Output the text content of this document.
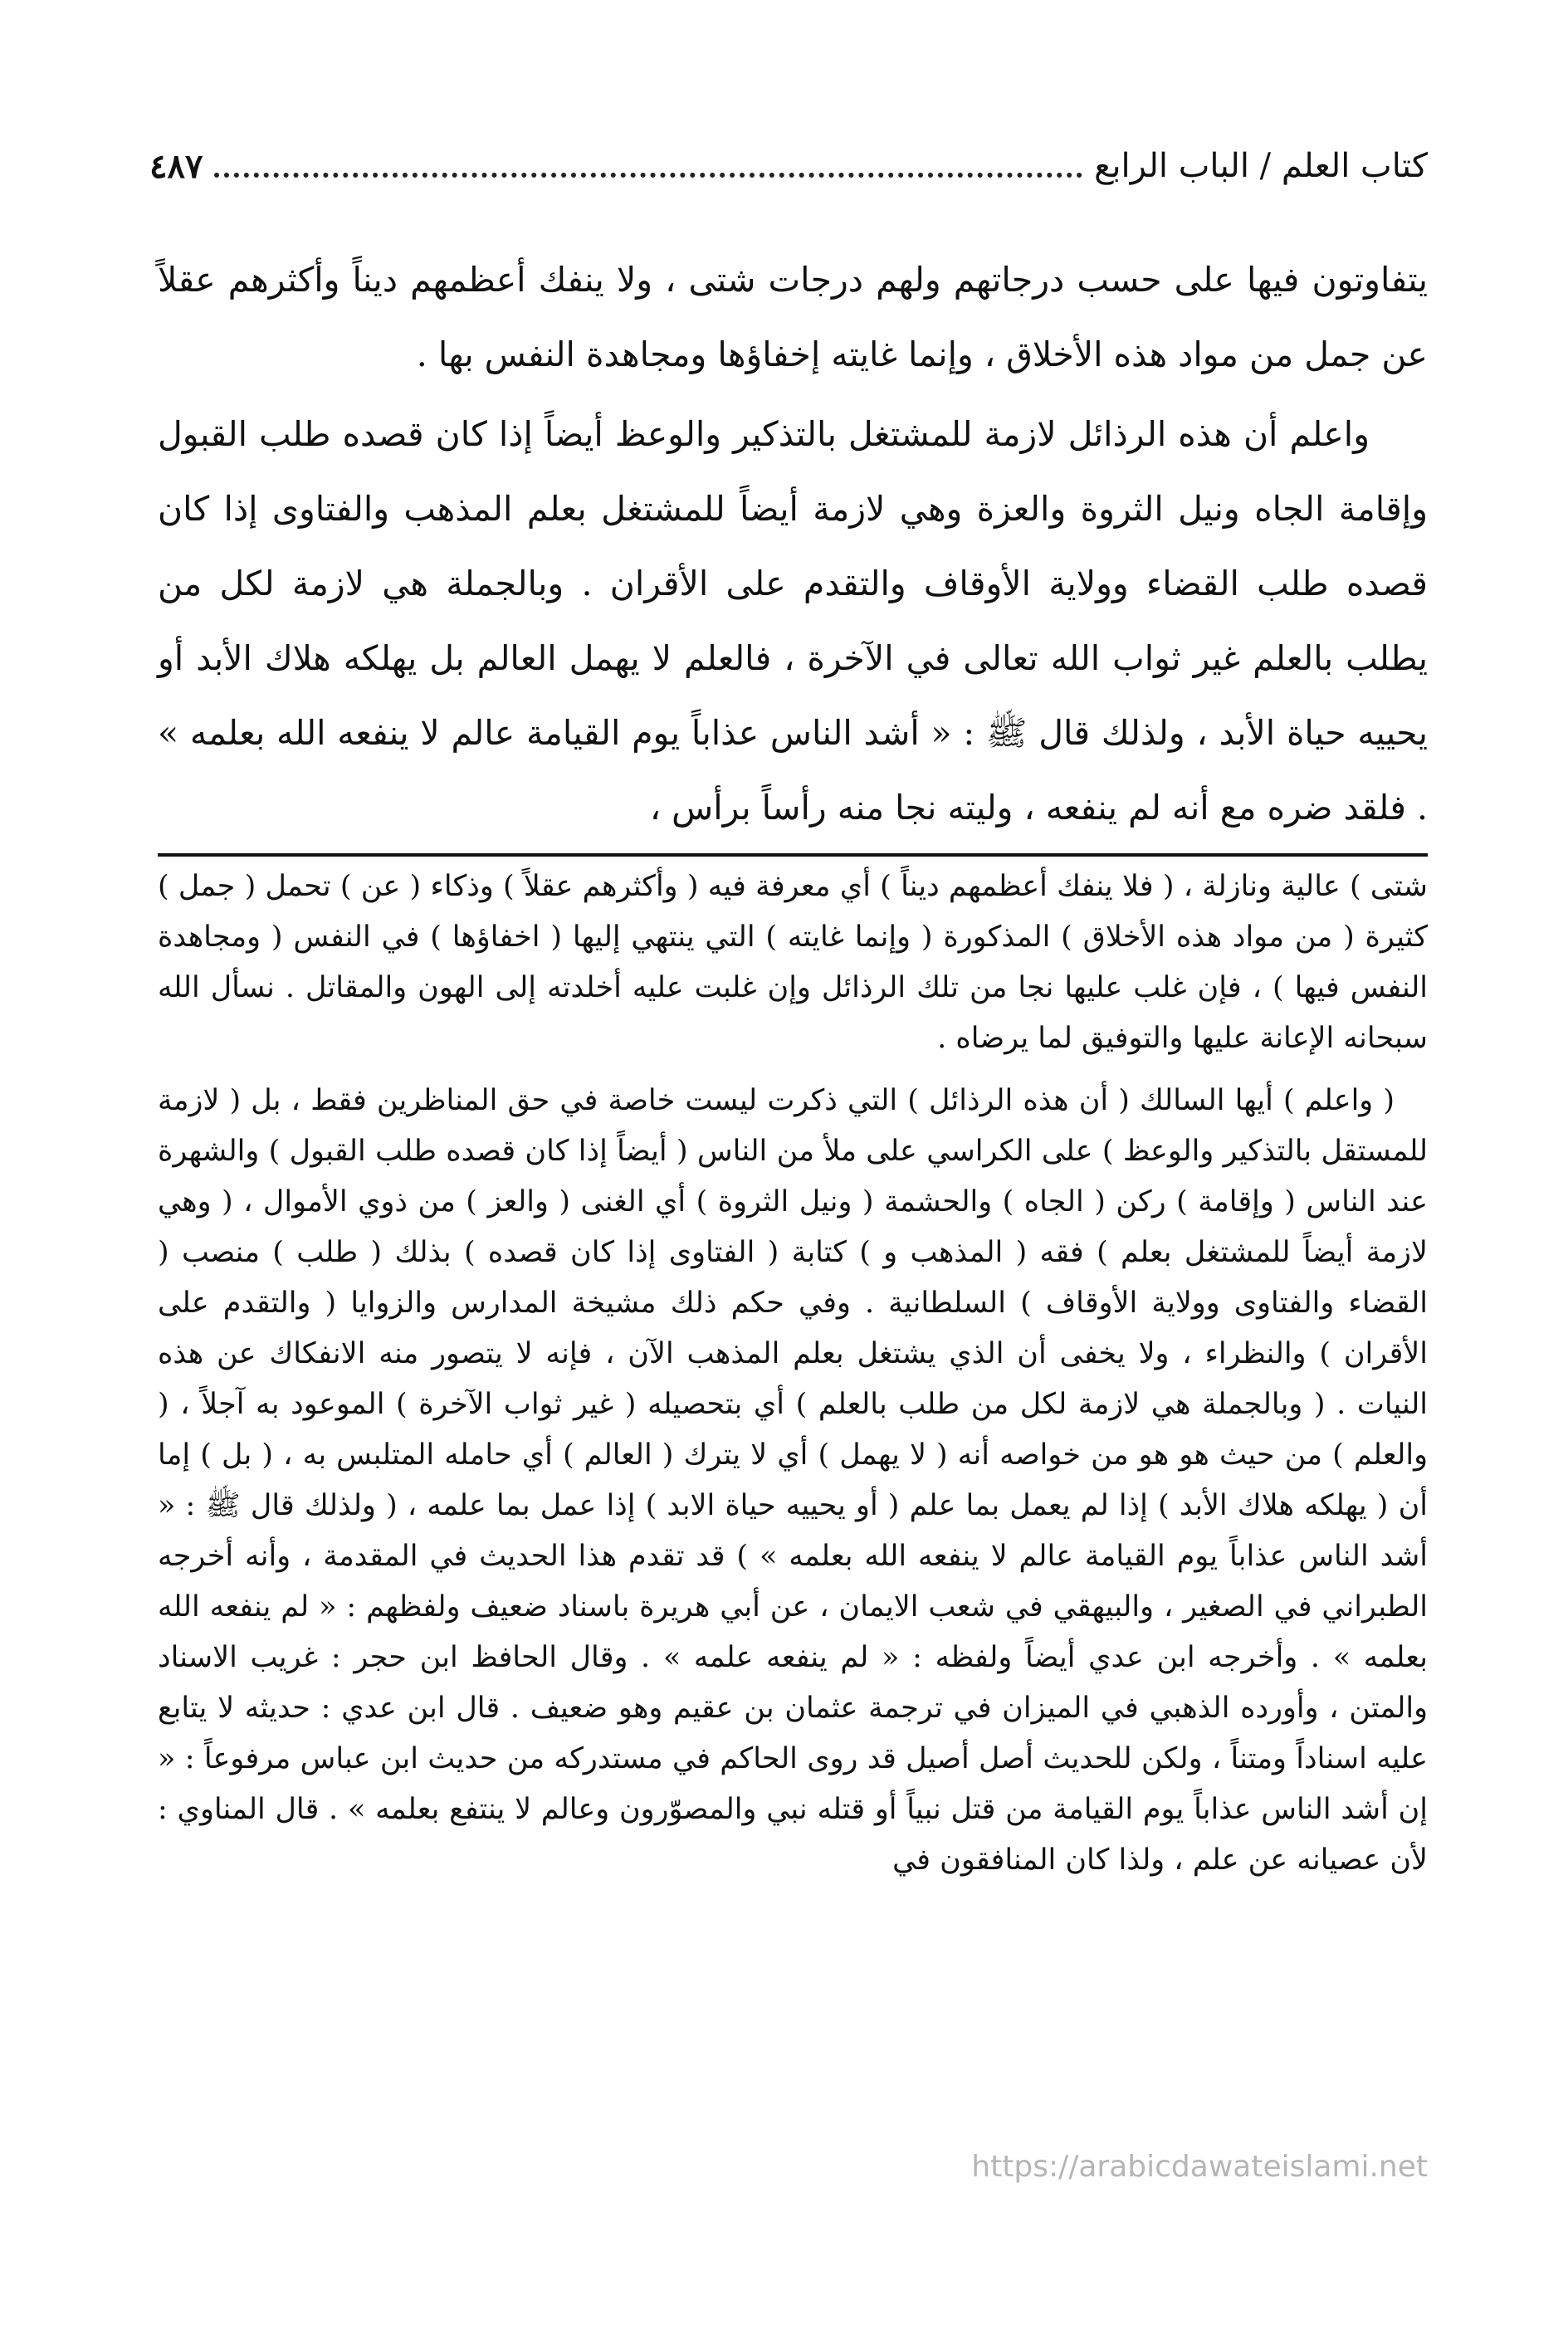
كتاب العلم / الباب الرابع
٤٨٧

يتفاوتون فيها على حسب درجاتهم ولهم درجات شتى ، ولا ينفك أعظمهم ديناً وأكثرهم عقلاً عن جمل من مواد هذه الأخلاق ، وإنما غايته إخفاؤها ومجاهدة النفس بها .

واعلم أن هذه الرذائل لازمة للمشتغل بالتذكير والوعظ أيضاً إذا كان قصده طلب القبول وإقامة الجاه ونيل الثروة والعزة وهي لازمة أيضاً للمشتغل بعلم المذهب والفتاوى إذا كان قصده طلب القضاء وولاية الأوقاف والتقدم على الأقران . وبالجملة هي لازمة لكل من يطلب بالعلم غير ثواب الله تعالى في الآخرة ، فالعلم لا يهمل العالم بل يهلكه هلاك الأبد أو يحييه حياة الأبد ، ولذلك قال ﷺ : « أشد الناس عذاباً يوم القيامة عالم لا ينفعه الله بعلمه » . فلقد ضره مع أنه لم ينفعه ، وليته نجا منه رأساً برأس ،

شتى ) عالية ونازلة ، ( فلا ينفك أعظمهم ديناً ) أي معرفة فيه ( وأكثرهم عقلاً ) وذكاء ( عن ) تحمل ( جمل ) كثيرة ( من مواد هذه الأخلاق ) المذكورة ( وإنما غايته ) التي ينتهي إليها ( اخفاؤها ) في النفس ( ومجاهدة النفس فيها ) ، فإن غلب عليها نجا من تلك الرذائل وإن غلبت عليه أخلدته إلى الهون والمقاتل . نسأل الله سبحانه الإعانة عليها والتوفيق لما يرضاه .

( واعلم ) أيها السالك ( أن هذه الرذائل ) التي ذكرت ليست خاصة في حق المناظرين فقط ، بل ( لازمة للمستقل بالتذكير والوعظ ) على الكراسي على ملأ من الناس ( أيضاً إذا كان قصده طلب القبول ) والشهرة عند الناس ( وإقامة ) ركن ( الجاه ) والحشمة ( ونيل الثروة ) أي الغنى ( والعز ) من ذوي الأموال ، ( وهي لازمة أيضاً للمشتغل بعلم ) فقه ( المذهب و ) كتابة ( الفتاوى إذا كان قصده ) بذلك ( طلب ) منصب ( القضاء والفتاوى وولاية الأوقاف ) السلطانية . وفي حكم ذلك مشيخة المدارس والزوايا ( والتقدم على الأقران ) والنظراء ، ولا يخفى أن الذي يشتغل بعلم المذهب الآن ، فإنه لا يتصور منه الانفكاك عن هذه النيات . ( وبالجملة هي لازمة لكل من طلب بالعلم ) أي بتحصيله ( غير ثواب الآخرة ) الموعود به آجلاً ، ( والعلم ) من حيث هو هو من خواصه أنه ( لا يهمل ) أي لا يترك ( العالم ) أي حامله المتلبس به ، ( بل ) إما أن ( يهلكه هلاك الأبد ) إذا لم يعمل بما علم ( أو يحييه حياة الابد ) إذا عمل بما علمه ، ( ولذلك قال ﷺ : « أشد الناس عذاباً يوم القيامة عالم لا ينفعه الله بعلمه » ) قد تقدم هذا الحديث في المقدمة ، وأنه أخرجه الطبراني في الصغير ، والبيهقي في شعب الايمان ، عن أبي هريرة باسناد ضعيف ولفظهم : « لم ينفعه الله بعلمه » . وأخرجه ابن عدي أيضاً ولفظه : « لم ينفعه علمه » . وقال الحافظ ابن حجر : غريب الاسناد والمتن ، وأورده الذهبي في الميزان في ترجمة عثمان بن عقيم وهو ضعيف . قال ابن عدي : حديثه لا يتابع عليه اسناداً ومتناً ، ولكن للحديث أصل أصيل قد روى الحاكم في مستدركه من حديث ابن عباس مرفوعاً : « إن أشد الناس عذاباً يوم القيامة من قتل نبياً أو قتله نبي والمصوّرون وعالم لا ينتفع بعلمه » . قال المناوي : لأن عصيانه عن علم ، ولذا كان المنافقون في

https://arabicdawateislami.net
